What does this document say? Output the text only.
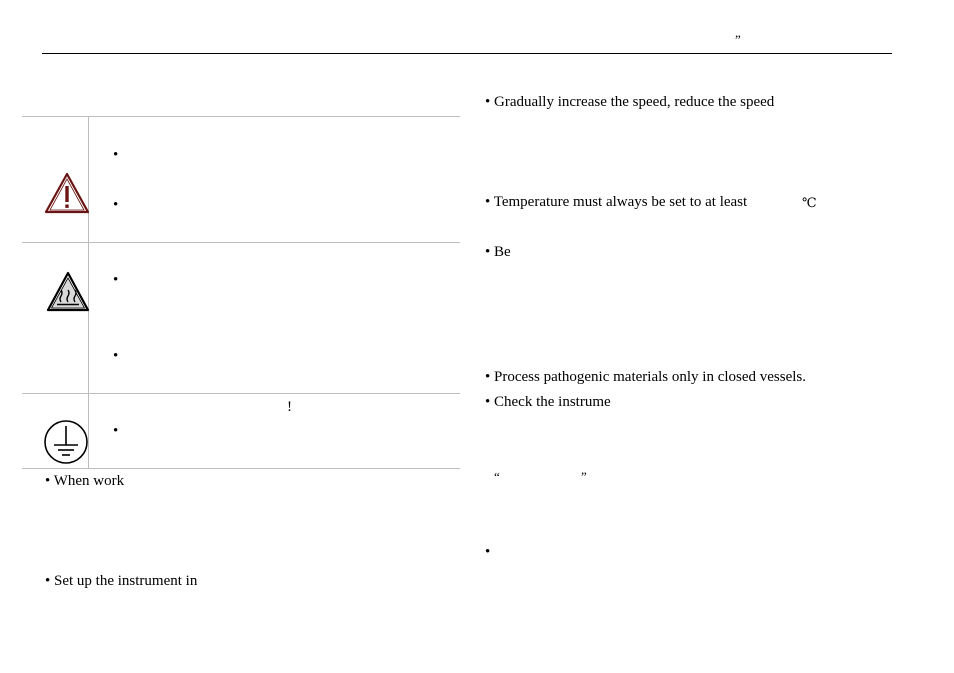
”
•
•
•
•
!
•
• When work
• Set up the instrument in
• Gradually increase the speed, reduce the speed
• Temperature must always be set to at least	℃
• Be
• Process pathogenic materials only in closed vessels.
• Check the instrume
“	”
•
